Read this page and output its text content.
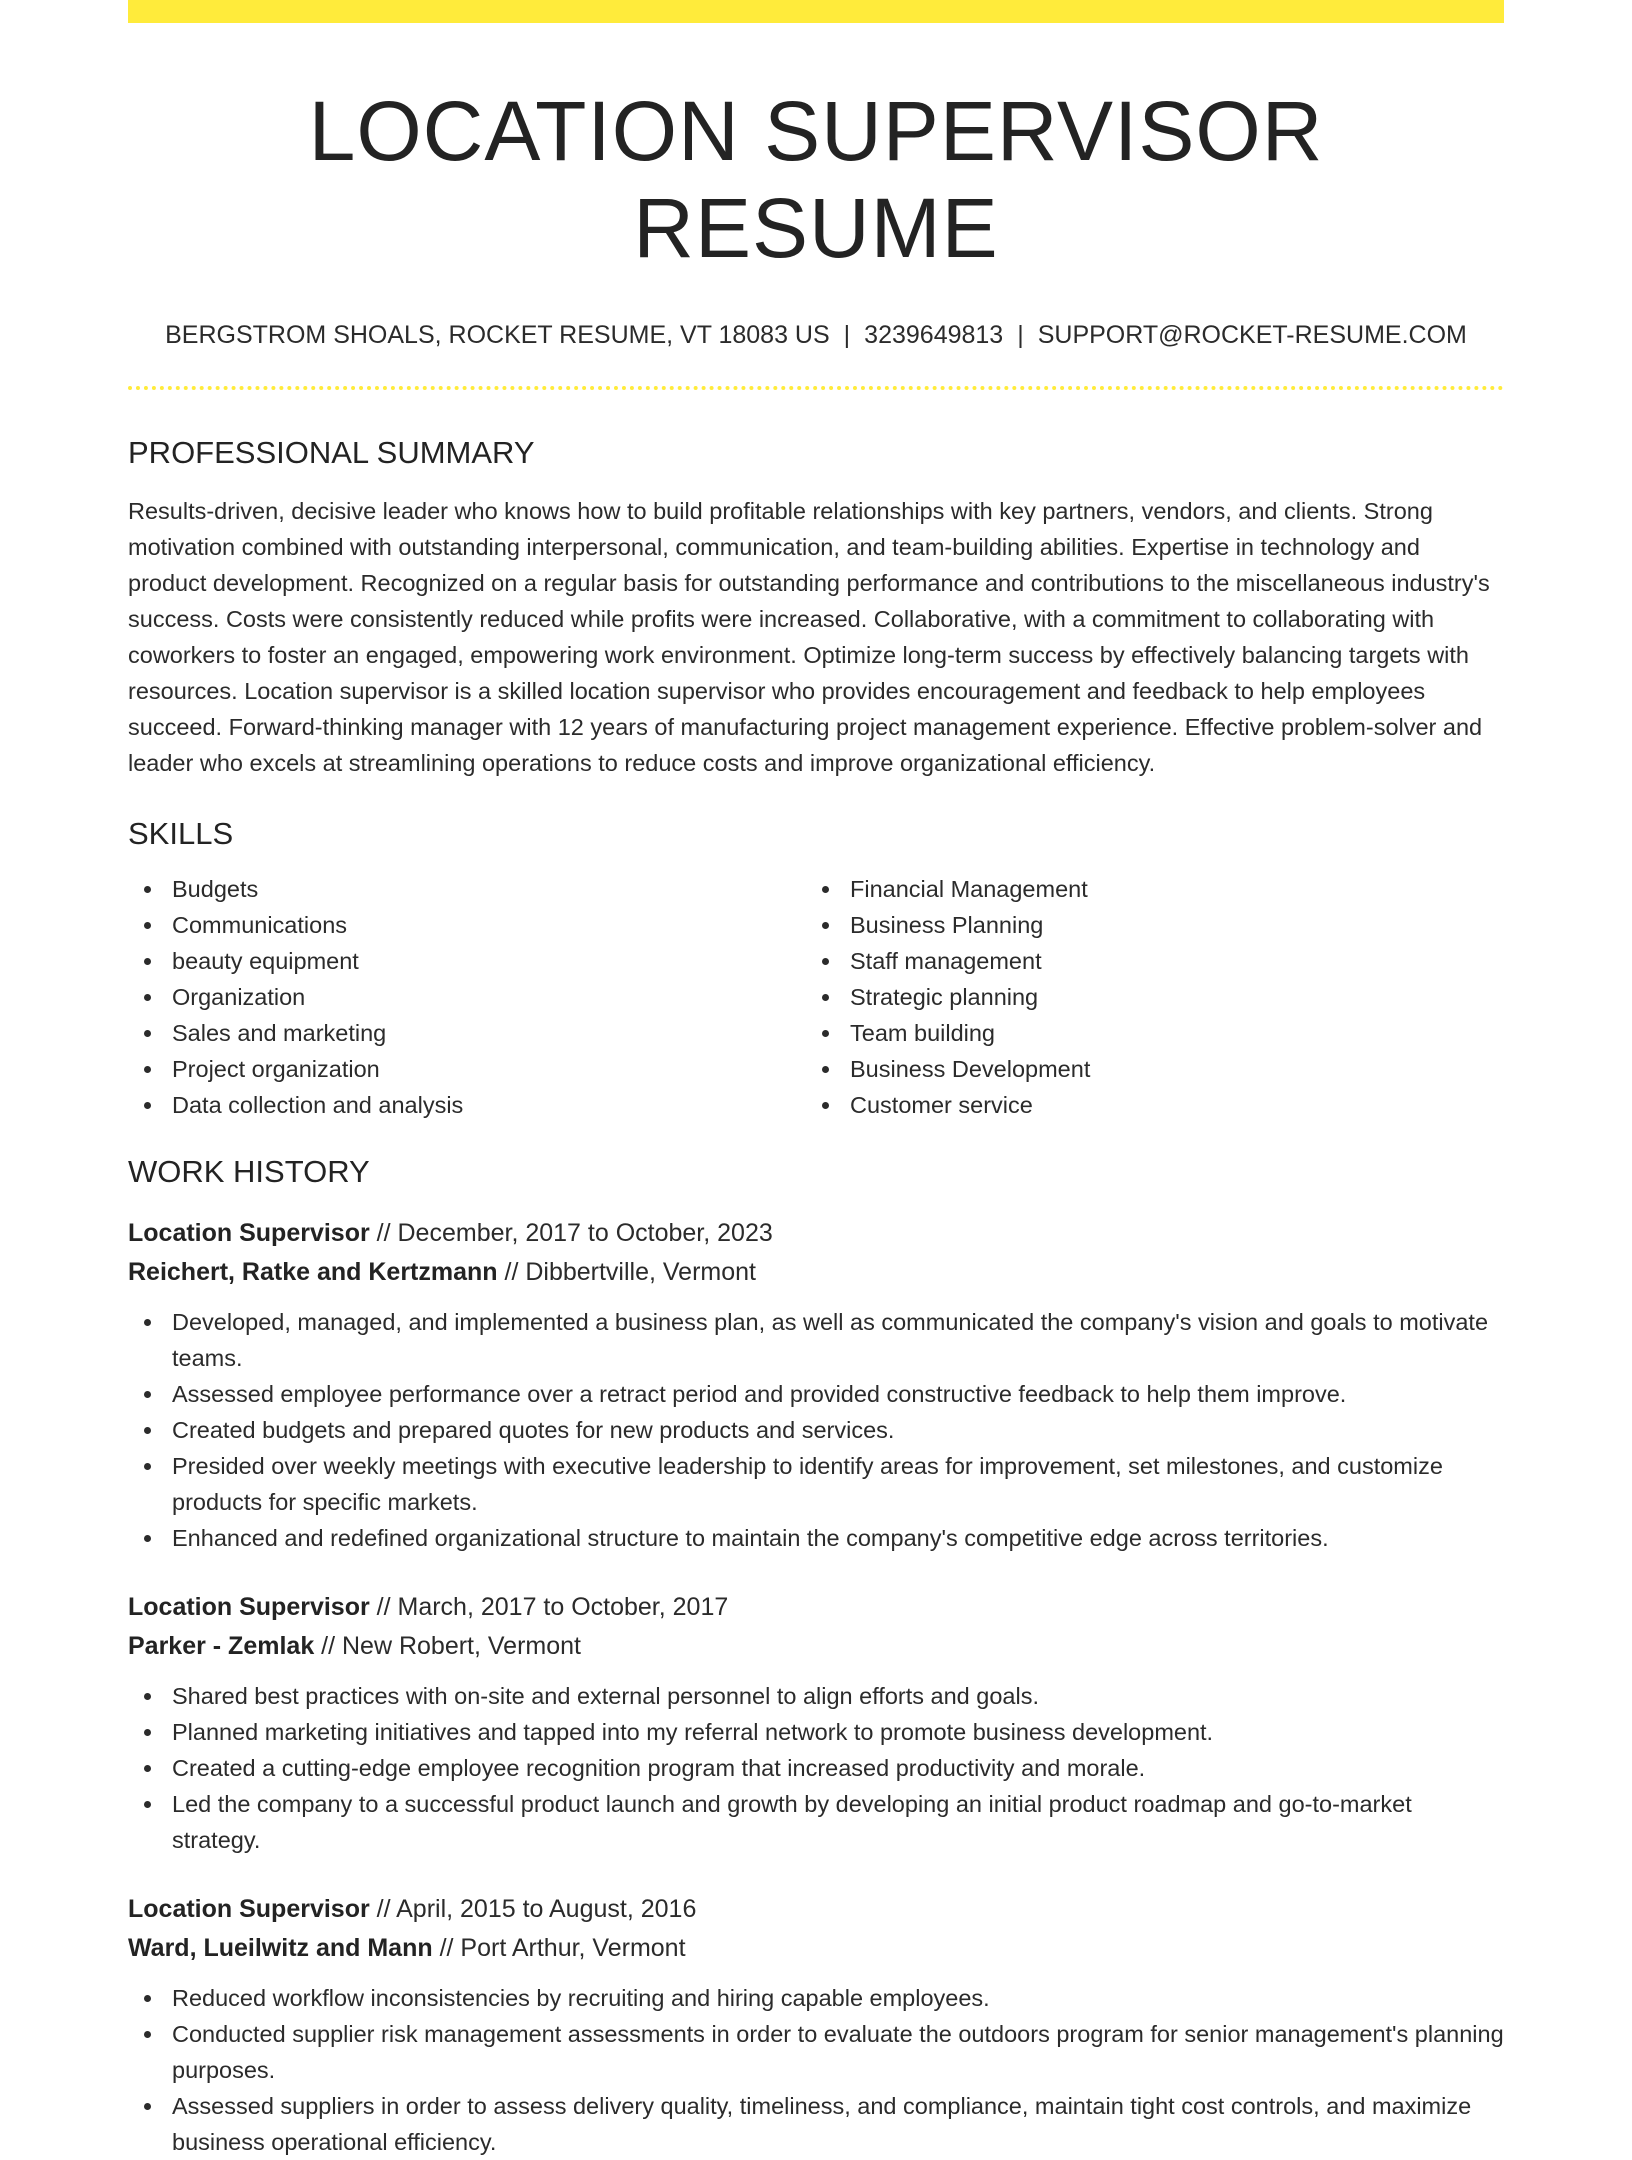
LOCATION SUPERVISOR RESUME
BERGSTROM SHOALS, ROCKET RESUME, VT 18083 US | 3239649813 | SUPPORT@ROCKET-RESUME.COM
PROFESSIONAL SUMMARY

Results-driven, decisive leader who knows how to build profitable relationships with key partners, vendors, and clients. Strong motivation combined with outstanding interpersonal, communication, and team-building abilities. Expertise in technology and product development. Recognized on a regular basis for outstanding performance and contributions to the miscellaneous industry's success. Costs were consistently reduced while profits were increased. Collaborative, with a commitment to collaborating with coworkers to foster an engaged, empowering work environment. Optimize long-term success by effectively balancing targets with resources. Location supervisor is a skilled location supervisor who provides encouragement and feedback to help employees succeed. Forward-thinking manager with 12 years of manufacturing project management experience. Effective problem-solver and leader who excels at streamlining operations to reduce costs and improve organizational efficiency.

SKILLS
Budgets
Communications
beauty equipment
Organization
Sales and marketing
Project organization
Data collection and analysis
Financial Management
Business Planning
Staff management
Strategic planning
Team building
Business Development
Customer service
WORK HISTORY
Location Supervisor // December, 2017 to October, 2023
Reichert, Ratke and Kertzmann // Dibbertville, Vermont
Developed, managed, and implemented a business plan, as well as communicated the company's vision and goals to motivate teams.
Assessed employee performance over a retract period and provided constructive feedback to help them improve.
Created budgets and prepared quotes for new products and services.
Presided over weekly meetings with executive leadership to identify areas for improvement, set milestones, and customize products for specific markets.
Enhanced and redefined organizational structure to maintain the company's competitive edge across territories.
Location Supervisor // March, 2017 to October, 2017
Parker - Zemlak // New Robert, Vermont
Shared best practices with on-site and external personnel to align efforts and goals.
Planned marketing initiatives and tapped into my referral network to promote business development.
Created a cutting-edge employee recognition program that increased productivity and morale.
Led the company to a successful product launch and growth by developing an initial product roadmap and go-to-market strategy.
Location Supervisor // April, 2015 to August, 2016
Ward, Lueilwitz and Mann // Port Arthur, Vermont
Reduced workflow inconsistencies by recruiting and hiring capable employees.
Conducted supplier risk management assessments in order to evaluate the outdoors program for senior management's planning purposes.
Assessed suppliers in order to assess delivery quality, timeliness, and compliance, maintain tight cost controls, and maximize business operational efficiency.
